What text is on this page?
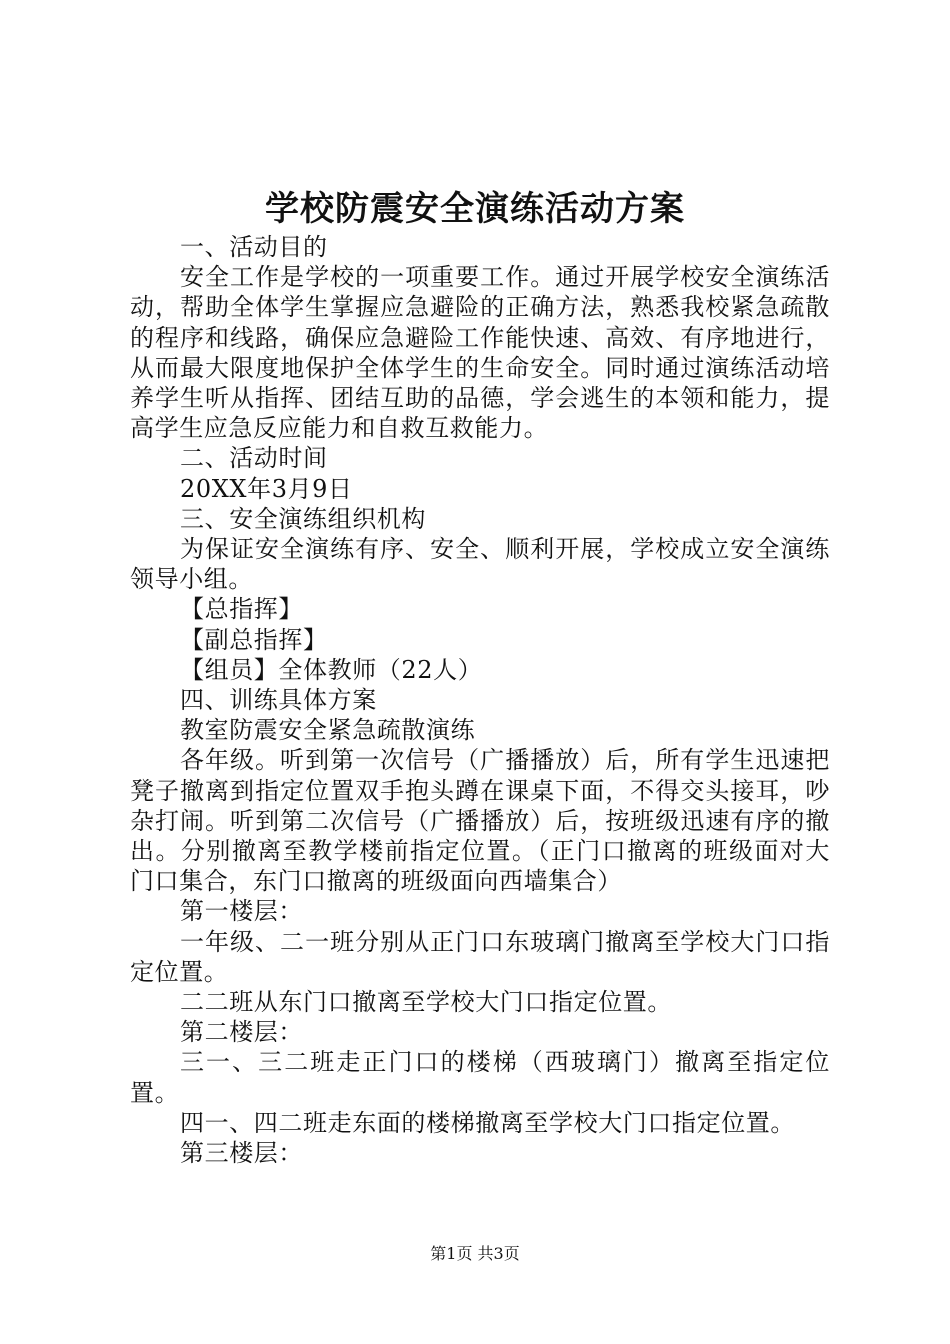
学校防震安全演练活动方案

一、活动目的

安全工作是学校的一项重要工作。通过开展学校安全演练活动，帮助全体学生掌握应急避险的正确方法，熟悉我校紧急疏散的程序和线路，确保应急避险工作能快速、高效、有序地进行，从而最大限度地保护全体学生的生命安全。同时通过演练活动培养学生听从指挥、团结互助的品德，学会逃生的本领和能力，提高学生应急反应能力和自救互救能力。

二、活动时间

20XX年3月9日

三、安全演练组织机构

为保证安全演练有序、安全、顺利开展，学校成立安全演练领导小组。

【总指挥】

【副总指挥】

【组员】全体教师（22人）

四、训练具体方案

教室防震安全紧急疏散演练

各年级。听到第一次信号（广播播放）后，所有学生迅速把凳子撤离到指定位置双手抱头蹲在课桌下面，不得交头接耳，吵杂打闹。听到第二次信号（广播播放）后，按班级迅速有序的撤出。分别撤离至教学楼前指定位置。（正门口撤离的班级面对大门口集合，东门口撤离的班级面向西墙集合）

第一楼层：

一年级、二一班分别从正门口东玻璃门撤离至学校大门口指定位置。

二二班从东门口撤离至学校大门口指定位置。

第二楼层：

三一、三二班走正门口的楼梯（西玻璃门）撤离至指定位置。

四一、四二班走东面的楼梯撤离至学校大门口指定位置。

第三楼层：

第1页 共3页
